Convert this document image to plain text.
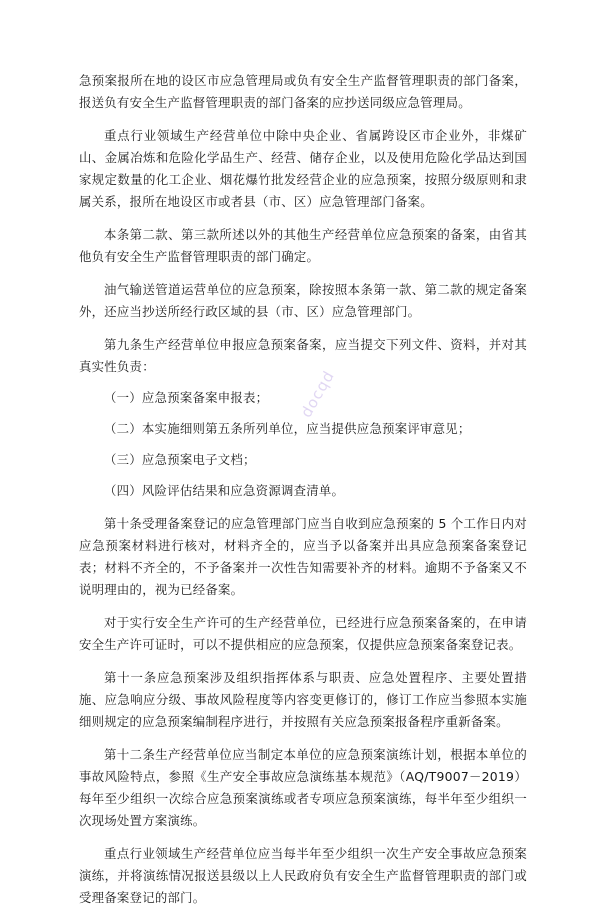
急预案报所在地的设区市应急管理局或负有安全生产监督管理职责的部门备案，报送负有安全生产监督管理职责的部门备案的应抄送同级应急管理局。

重点行业领域生产经营单位中除中央企业、省属跨设区市企业外，非煤矿山、金属冶炼和危险化学品生产、经营、储存企业，以及使用危险化学品达到国家规定数量的化工企业、烟花爆竹批发经营企业的应急预案，按照分级原则和隶属关系，报所在地设区市或者县（市、区）应急管理部门备案。

本条第二款、第三款所述以外的其他生产经营单位应急预案的备案，由省其他负有安全生产监督管理职责的部门确定。

油气输送管道运营单位的应急预案，除按照本条第一款、第二款的规定备案外，还应当抄送所经行政区域的县（市、区）应急管理部门。

第九条生产经营单位申报应急预案备案，应当提交下列文件、资料，并对其真实性负责：

（一）应急预案备案申报表；

（二）本实施细则第五条所列单位，应当提供应急预案评审意见；

（三）应急预案电子文档；

（四）风险评估结果和应急资源调查清单。

第十条受理备案登记的应急管理部门应当自收到应急预案的 5 个工作日内对应急预案材料进行核对，材料齐全的，应当予以备案并出具应急预案备案登记表；材料不齐全的，不予备案并一次性告知需要补齐的材料。逾期不予备案又不说明理由的，视为已经备案。

对于实行安全生产许可的生产经营单位，已经进行应急预案备案的，在申请安全生产许可证时，可以不提供相应的应急预案，仅提供应急预案备案登记表。

第十一条应急预案涉及组织指挥体系与职责、应急处置程序、主要处置措施、应急响应分级、事故风险程度等内容变更修订的，修订工作应当参照本实施细则规定的应急预案编制程序进行，并按照有关应急预案报备程序重新备案。

第十二条生产经营单位应当制定本单位的应急预案演练计划，根据本单位的事故风险特点，参照《生产安全事故应急演练基本规范》（AQ/T9007－2019）每年至少组织一次综合应急预案演练或者专项应急预案演练，每半年至少组织一次现场处置方案演练。

重点行业领域生产经营单位应当每半年至少组织一次生产安全事故应急预案演练，并将演练情况报送县级以上人民政府负有安全生产监督管理职责的部门或受理备案登记的部门。

docqd
